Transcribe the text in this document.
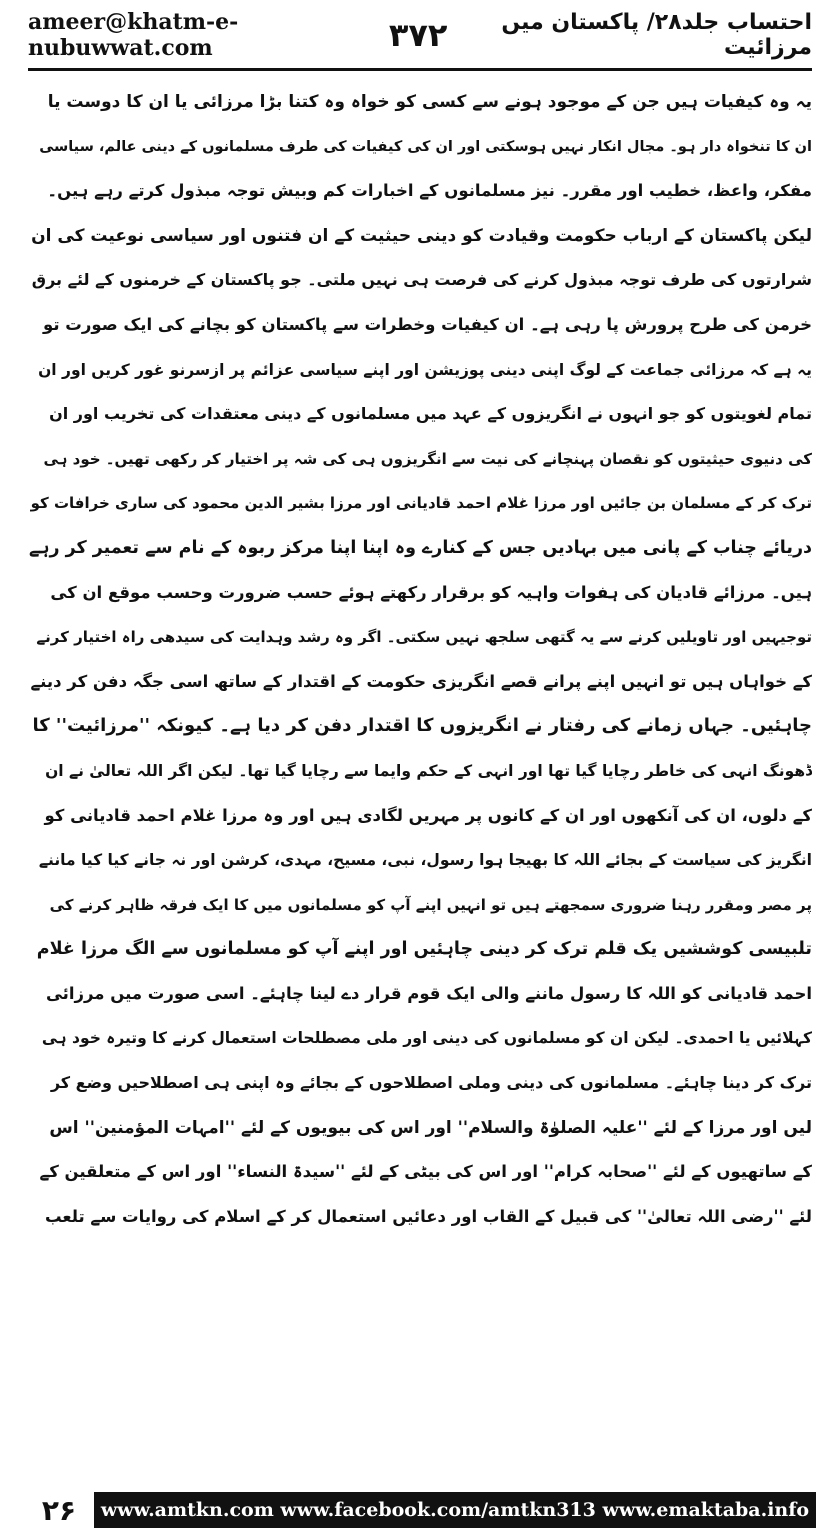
ameer@khatm-e-nubuwwat.com	۳۷۲	احتساب جلد۲۸/ پاکستان میں مرزائیت
یہ وہ کیفیات ہیں جن کے موجود ہونے سے کسی کو خواہ وہ کتنا بڑا مرزائی یا ان کا دوست یا
ان کا تنخواہ دار ہو۔ مجال انکار نہیں ہوسکتی اور ان کی کیفیات کی طرف مسلمانوں کے دینی عالم، سیاسی
مفکر، واعظ، خطیب اور مقرر۔ نیز مسلمانوں کے اخبارات کم وبیش توجہ مبذول کرتے رہے ہیں۔
لیکن پاکستان کے ارباب حکومت وقیادت کو دینی حیثیت کے ان فتنوں اور سیاسی نوعیت کی ان
شرارتوں کی طرف توجہ مبذول کرنے کی فرصت ہی نہیں ملتی۔ جو پاکستان کے خرمنوں کے لئے برق
خرمن کی طرح پرورش پا رہی ہے۔ ان کیفیات وخطرات سے پاکستان کو بچانے کی ایک صورت تو
یہ ہے کہ مرزائی جماعت کے لوگ اپنی دینی پوزیشن اور اپنے سیاسی عزائم پر ازسرنو غور کریں اور ان
تمام لغویتوں کو جو انہوں نے انگریزوں کے عہد میں مسلمانوں کے دینی معتقدات کی تخریب اور ان
کی دنیوی حیثیتوں کو نقصان پہنچانے کی نیت سے انگریزوں ہی کی شہ پر اختیار کر رکھی تھیں۔ خود ہی
ترک کر کے مسلمان بن جائیں اور مرزا غلام احمد قادیانی اور مرزا بشیر الدین محمود کی ساری خرافات کو
دریائے چناب کے پانی میں بہادیں جس کے کنارے وہ اپنا اپنا مرکز ربوہ کے نام سے تعمیر کر رہے
ہیں۔ مرزائے قادیان کی ہفوات واہیہ کو برقرار رکھتے ہوئے حسب ضرورت وحسب موقع ان کی
توجیہیں اور تاویلیں کرنے سے یہ گتھی سلجھ نہیں سکتی۔ اگر وہ رشد وہدایت کی سیدھی راہ اختیار کرنے
کے خواہاں ہیں تو انہیں اپنے پرانے قصے انگریزی حکومت کے اقتدار کے ساتھ اسی جگہ دفن کر دینے
چاہئیں۔ جہاں زمانے کی رفتار نے انگریزوں کا اقتدار دفن کر دیا ہے۔ کیونکہ ''مرزائیت'' کا
ڈھونگ انہی کی خاطر رچایا گیا تھا اور انہی کے حکم وایما سے رچایا گیا تھا۔ لیکن اگر اللہ تعالیٰ نے ان
کے دلوں، ان کی آنکھوں اور ان کے کانوں پر مہریں لگادی ہیں اور وہ مرزا غلام احمد قادیانی کو
انگریز کی سیاست کے بجائے اللہ کا بھیجا ہوا رسول، نبی، مسیح، مہدی، کرشن اور نہ جانے کیا کیا ماننے
پر مصر ومقرر رہنا ضروری سمجھتے ہیں تو انہیں اپنے آپ کو مسلمانوں میں کا ایک فرقہ ظاہر کرنے کی
تلبیسی کوششیں یک قلم ترک کر دینی چاہئیں اور اپنے آپ کو مسلمانوں سے الگ مرزا غلام
احمد قادیانی کو اللہ کا رسول ماننے والی ایک قوم قرار دے لینا چاہئے۔ اسی صورت میں مرزائی
کہلائیں یا احمدی۔ لیکن ان کو مسلمانوں کی دینی اور ملی مصطلحات استعمال کرنے کا وتیرہ خود ہی
ترک کر دینا چاہئے۔ مسلمانوں کی دینی وملی اصطلاحوں کے بجائے وہ اپنی ہی اصطلاحیں وضع کر
لیں اور مرزا کے لئے ''علیہ الصلوٰۃ والسلام'' اور اس کی بیویوں کے لئے ''امہات المؤمنین'' اس
کے ساتھیوں کے لئے ''صحابہ کرام'' اور اس کی بیٹی کے لئے ''سیدۃ النساء'' اور اس کے متعلقین کے
لئے ''رضی اللہ تعالیٰ'' کی قبیل کے القاب اور دعائیں استعمال کر کے اسلام کی روایات سے تلعب
۲۶	www.amtkn.com www.facebook.com/amtkn313 www.emaktaba.info
